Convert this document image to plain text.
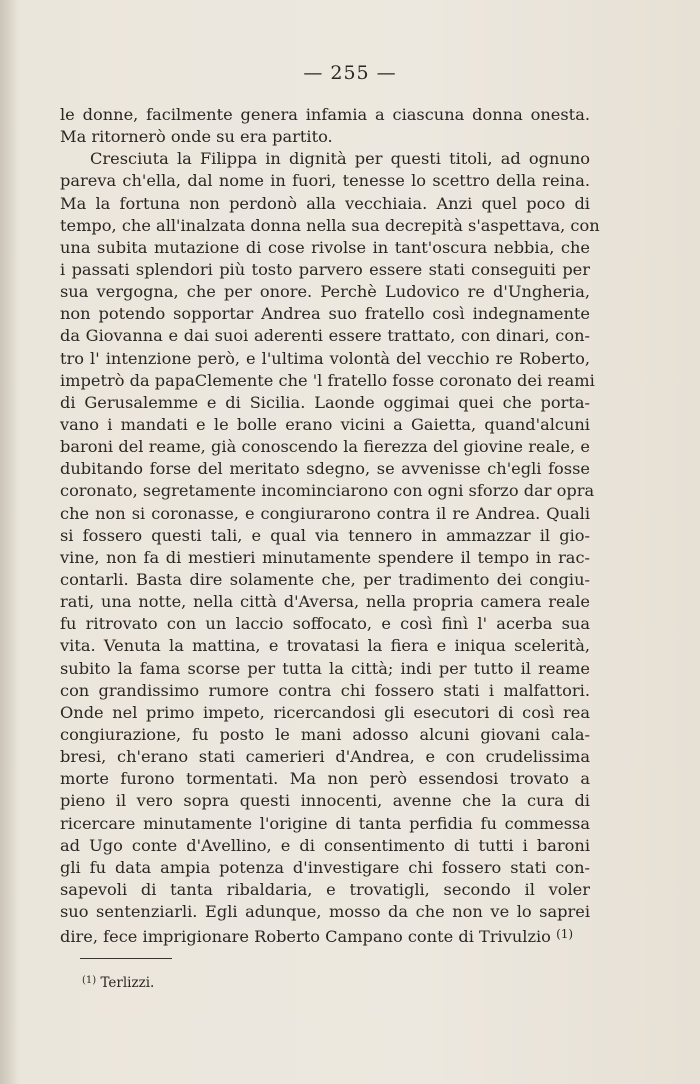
— 255 —
le donne, facilmente genera infamia a ciascuna donna onesta.
Ma ritornerò onde su era partito.
Cresciuta la Filippa in dignità per questi titoli, ad ognuno
pareva ch'ella, dal nome in fuori, tenesse lo scettro della reina.
Ma la fortuna non perdonò alla vecchiaia. Anzi quel poco di
tempo, che all'inalzata donna nella sua decrepità s'aspettava, con
una subita mutazione di cose rivolse in tant'oscura nebbia, che
i passati splendori più tosto parvero essere stati conseguiti per
sua vergogna, che per onore. Perchè Ludovico re d'Ungheria,
non potendo sopportar Andrea suo fratello così indegnamente
da Giovanna e dai suoi aderenti essere trattato, con dinari, con-
tro l' intenzione però, e l'ultima volontà del vecchio re Roberto,
impetrò da papaClemente che 'l fratello fosse coronato dei reami
di Gerusalemme e di Sicilia. Laonde oggimai quei che porta-
vano i mandati e le bolle erano vicini a Gaietta, quand'alcuni
baroni del reame, già conoscendo la fierezza del giovine reale, e
dubitando forse del meritato sdegno, se avvenisse ch'egli fosse
coronato, segretamente incominciarono con ogni sforzo dar opra
che non si coronasse, e congiurarono contra il re Andrea. Quali
si fossero questi tali, e qual via tennero in ammazzar il gio-
vine, non fa di mestieri minutamente spendere il tempo in rac-
contarli. Basta dire solamente che, per tradimento dei congiu-
rati, una notte, nella città d'Aversa, nella propria camera reale
fu ritrovato con un laccio soffocato, e così finì l' acerba sua
vita. Venuta la mattina, e trovatasi la fiera e iniqua scelerità,
subito la fama scorse per tutta la città; indi per tutto il reame
con grandissimo rumore contra chi fossero stati i malfattori.
Onde nel primo impeto, ricercandosi gli esecutori di così rea
congiurazione, fu posto le mani adosso alcuni giovani cala-
bresi, ch'erano stati camerieri d'Andrea, e con crudelissima
morte furono tormentati. Ma non però essendosi trovato a
pieno il vero sopra questi innocenti, avenne che la cura di
ricercare minutamente l'origine di tanta perfidia fu commessa
ad Ugo conte d'Avellino, e di consentimento di tutti i baroni
gli fu data ampia potenza d'investigare chi fossero stati con-
sapevoli di tanta ribaldaria, e trovatigli, secondo il voler
suo sentenziarli. Egli adunque, mosso da che non ve lo saprei
dire, fece imprigionare Roberto Campano conte di Trivulzio $^{(1)}$
$^{(1)}$ Terlizzi.
